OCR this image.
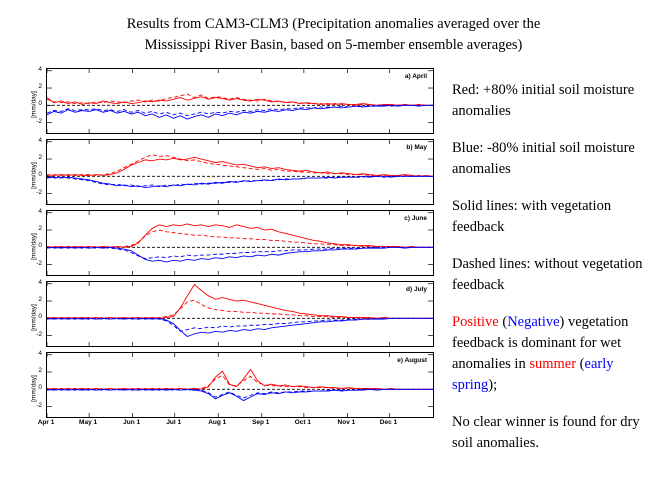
Results from CAM3-CLM3 (Precipitation anomalies averaged over the
Mississippi River Basin, based on 5-member ensemble averages)
[mm/day]
4
2
0
-2
a) April
[mm/day]
4
2
0
-2
b) May
[mm/day]
4
2
0
-2
c) June
[mm/day]
4
2
0
-2
d) July
[mm/day]
4
2
0
-2
e) August
Apr 1	May 1	Jun 1	Jul 1	Aug 1	Sep 1	Oct 1	Nov 1	Dec 1

Red: +80% initial soil moisture anomalies

Blue: -80% initial soil moisture anomalies

Solid lines: with vegetation feedback

Dashed lines: without vegetation feedback

Positive (Negative) vegetation feedback is dominant for wet anomalies in summer (early spring);

No clear winner is found for dry soil anomalies.
